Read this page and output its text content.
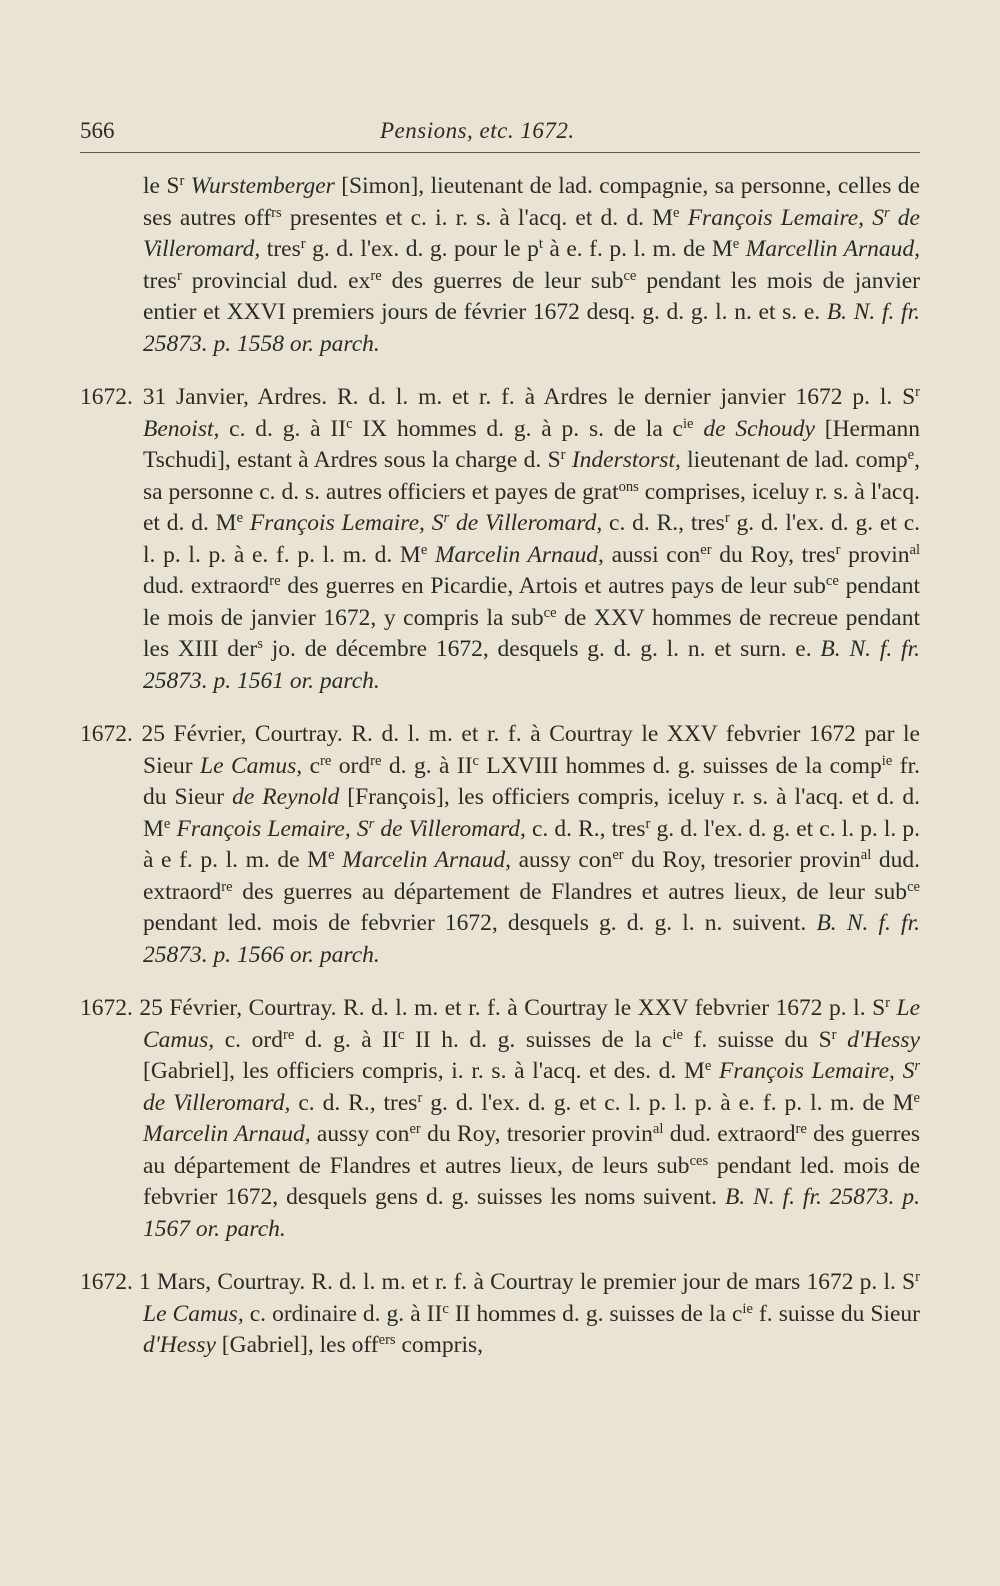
566	Pensions, etc. 1672.

le $S^r$ Wurstemberger [Simon], lieutenant de lad. compagnie, sa personne, celles de ses autres off$^{rs}$ presentes et c. i. r. s. à l'acq. et d. d. Me François Lemaire, $S^r$ de Villeromard, tres$^r$ g. d. l'ex. d. g. pour le $p^t$ à e. f. p. l. m. de Me Marcellin Arnaud, tres$^r$ provincial dud. $ex^{re}$ des guerres de leur sub$^{ce}$ pendant les mois de janvier entier et XXVI premiers jours de février 1672 desq. g. d. g. l. n. et s. e. B. N. f. fr. 25873. p. 1558 or. parch.

1672. 31 Janvier, Ardres. R. d. l. m. et r. f. à Ardres le dernier janvier 1672 p. l. $S^r$ Benoist, c. d. g. à $II^c$ IX hommes d. g. à p. s. de la $c^{ie}$ de Schoudy [Hermann Tschudi], estant à Ardres sous la charge d. $S^r$ Inderstorst, lieutenant de lad. comp$^e$, sa personne c. d. s. autres officiers et payes de grat$^{ons}$ comprises, iceluy r. s. à l'acq. et d. d. Me François Lemaire, $S^r$ de Villeromard, c. d. R., tres$^r$ g. d. l'ex. d. g. et c. l. p. l. p. à e. f. p. l. m. d. Me Marcelin Arnaud, aussi con$^{er}$ du Roy, tres$^r$ provin$^{al}$ dud. extraord$^{re}$ des guerres en Picardie, Artois et autres pays de leur sub$^{ce}$ pendant le mois de janvier 1672, y compris la sub$^{ce}$ de XXV hommes de recreue pendant les XIII der$^s$ jo. de décembre 1672, desquels g. d. g. l. n. et surn. e. B. N. f. fr. 25873. p. 1561 or. parch.

1672. 25 Février, Courtray. R. d. l. m. et r. f. à Courtray le XXV febvrier 1672 par le Sieur Le Camus, $c^{re}$ ord$^{re}$ d. g. à $II^c$ LXVIII hommes d. g. suisses de la comp$^{ie}$ fr. du Sieur de Reynold [François], les officiers compris, iceluy r. s. à l'acq. et d. d. Me François Lemaire, $S^r$ de Villeromard, c. d. R., tres$^r$ g. d. l'ex. d. g. et c. l. p. l. p. à e f. p. l. m. de Me Marcelin Arnaud, aussy con$^{er}$ du Roy, tresorier provin$^{al}$ dud. extraord$^{re}$ des guerres au département de Flandres et autres lieux, de leur sub$^{ce}$ pendant led. mois de febvrier 1672, desquels g. d. g. l. n. suivent. B. N. f. fr. 25873. p. 1566 or. parch.

1672. 25 Février, Courtray. R. d. l. m. et r. f. à Courtray le XXV febvrier 1672 p. l. $S^r$ Le Camus, c. ord$^{re}$ d. g. à $II^c$ II h. d. g. suisses de la $c^{ie}$ f. suisse du $S^r$ d'Hessy [Gabriel], les officiers compris, i. r. s. à l'acq. et des. d. Me François Lemaire, $S^r$ de Villeromard, c. d. R., tres$^r$ g. d. l'ex. d. g. et c. l. p. l. p. à e. f. p. l. m. de Me Marcelin Arnaud, aussy con$^{er}$ du Roy, tresorier provin$^{al}$ dud. extraord$^{re}$ des guerres au département de Flandres et autres lieux, de leurs sub$^{ces}$ pendant led. mois de febvrier 1672, desquels gens d. g. suisses les noms suivent. B. N. f. fr. 25873. p. 1567 or. parch.

1672. 1 Mars, Courtray. R. d. l. m. et r. f. à Courtray le premier jour de mars 1672 p. l. $S^r$ Le Camus, c. ordinaire d. g. à $II^c$ II hommes d. g. suisses de la $c^{ie}$ f. suisse du Sieur d'Hessy [Gabriel], les off$^{ers}$ compris,
